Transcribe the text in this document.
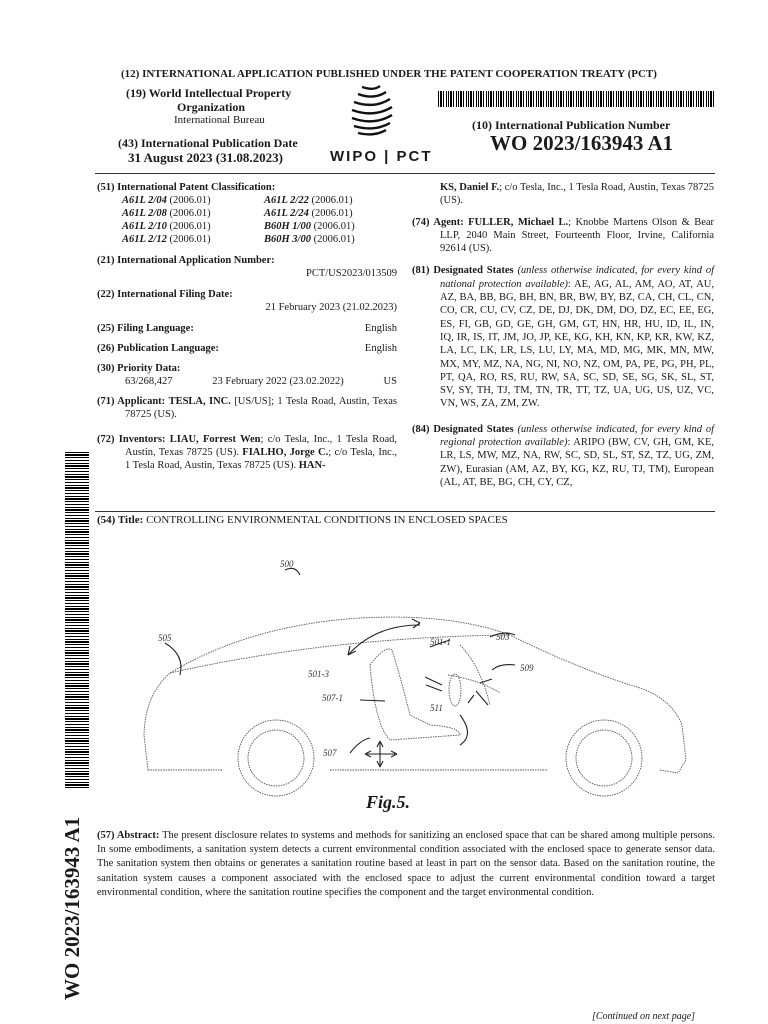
(12) INTERNATIONAL APPLICATION PUBLISHED UNDER THE PATENT COOPERATION TREATY (PCT)
(19) World Intellectual Property
Organization
International Bureau
(43) International Publication Date
31 August 2023 (31.08.2023)	WIPO | PCT
(10) International Publication Number
WO 2023/163943 A1
(51) International Patent Classification:
A61L 2/04 (2006.01)	A61L 2/22 (2006.01)
A61L 2/08 (2006.01)	A61L 2/24 (2006.01)
A61L 2/10 (2006.01)	B60H 1/00 (2006.01)
A61L 2/12 (2006.01)	B60H 3/00 (2006.01)
(21) International Application Number:
PCT/US2023/013509
(22) International Filing Date:
21 February 2023 (21.02.2023)
(25) Filing Language:	English
(26) Publication Language:	English
(30) Priority Data:
63/268,427	23 February 2022 (23.02.2022)	US
(71) Applicant: TESLA, INC. [US/US]; 1 Tesla Road, Austin, Texas 78725 (US).
(72) Inventors: LIAU, Forrest Wen; c/o Tesla, Inc., 1 Tesla Road, Austin, Texas 78725 (US). FIALHO, Jorge C.; c/o Tesla, Inc., 1 Tesla Road, Austin, Texas 78725 (US). HAN-
KS, Daniel F.; c/o Tesla, Inc., 1 Tesla Road, Austin, Texas 78725 (US).
(74) Agent: FULLER, Michael L.; Knobbe Martens Olson & Bear LLP, 2040 Main Street, Fourteenth Floor, Irvine, California 92614 (US).
(81) Designated States (unless otherwise indicated, for every kind of national protection available): AE, AG, AL, AM, AO, AT, AU, AZ, BA, BB, BG, BH, BN, BR, BW, BY, BZ, CA, CH, CL, CN, CO, CR, CU, CV, CZ, DE, DJ, DK, DM, DO, DZ, EC, EE, EG, ES, FI, GB, GD, GE, GH, GM, GT, HN, HR, HU, ID, IL, IN, IQ, IR, IS, IT, JM, JO, JP, KE, KG, KH, KN, KP, KR, KW, KZ, LA, LC, LK, LR, LS, LU, LY, MA, MD, MG, MK, MN, MW, MX, MY, MZ, NA, NG, NI, NO, NZ, OM, PA, PE, PG, PH, PL, PT, QA, RO, RS, RU, RW, SA, SC, SD, SE, SG, SK, SL, ST, SV, SY, TH, TJ, TM, TN, TR, TT, TZ, UA, UG, US, UZ, VC, VN, WS, ZA, ZM, ZW.
(84) Designated States (unless otherwise indicated, for every kind of regional protection available): ARIPO (BW, CV, GH, GM, KE, LR, LS, MW, MZ, NA, RW, SC, SD, SL, ST, SZ, TZ, UG, ZM, ZW), Eurasian (AM, AZ, BY, KG, KZ, RU, TJ, TM), European (AL, AT, BE, BG, CH, CY, CZ,
(54) Title: CONTROLLING ENVIRONMENTAL CONDITIONS IN ENCLOSED SPACES
500
505	501-1	503
509
501-3
507-1
511
507
Fig.5.
(57) Abstract: The present disclosure relates to systems and methods for sanitizing an enclosed space that can be shared among multiple persons. In some embodiments, a sanitation system detects a current environmental condition associated with the enclosed space to generate sensor data. The sanitation system then obtains or generates a sanitation routine based at least in part on the sensor data. Based on the sanitation routine, the sanitation system causes a component associated with the enclosed space to adjust the current environmental condition toward a target environmental condition, where the sanitation routine specifies the component and the target environmental condition.
[Continued on next page]
WO 2023/163943 A1
